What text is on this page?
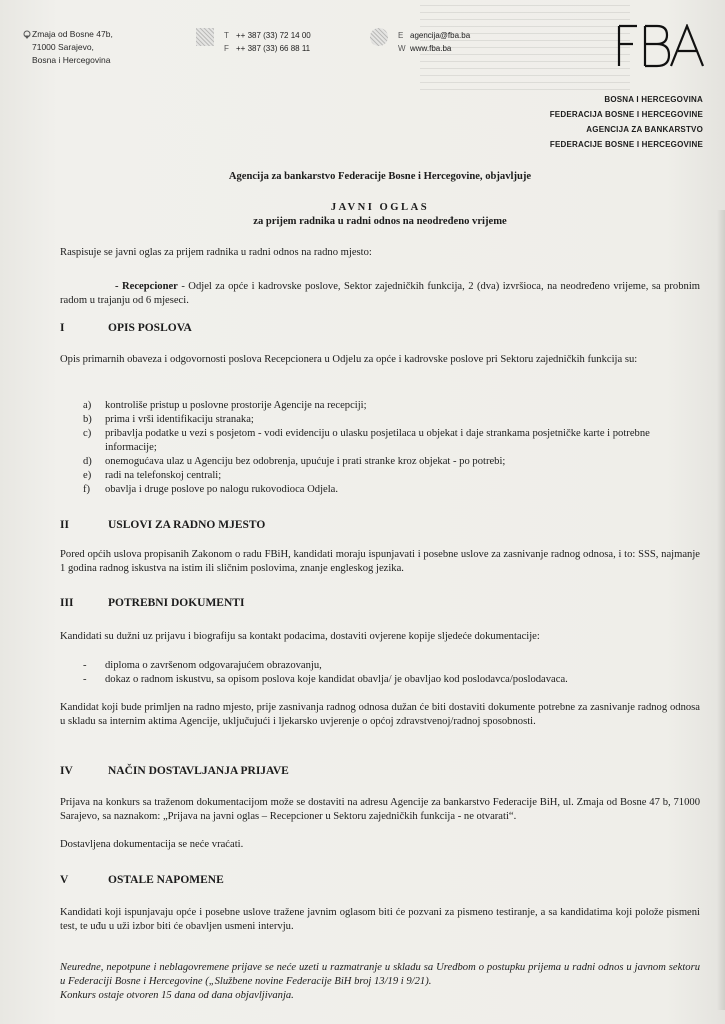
Zmaja od Bosne 47b,
71000 Sarajevo,
Bosna i Hercegovina
T ++ 387 (33) 72 14 00
F ++ 387 (33) 66 88 11
E agencija@fba.ba
W www.fba.ba
BOSNA I HERCEGOVINA
FEDERACIJA BOSNE I HERCEGOVINE
AGENCIJA ZA BANKARSTVO
FEDERACIJE BOSNE I HERCEGOVINE
Agencija za bankarstvo Federacije Bosne i Hercegovine, objavljuje
JAVNI OGLAS
za prijem radnika u radni odnos na neodređeno vrijeme
Raspisuje se javni oglas za prijem radnika u radni odnos na radno mjesto:
- Recepcioner - Odjel za opće i kadrovske poslove, Sektor zajedničkih funkcija, 2 (dva) izvršioca, na neodređeno vrijeme, sa probnim radom u trajanju od 6 mjeseci.
I	OPIS POSLOVA
Opis primarnih obaveza i odgovornosti poslova Recepcionera u Odjelu za opće i kadrovske poslove pri Sektoru zajedničkih funkcija su:
a) kontroliše pristup u poslovne prostorije Agencije na recepciji;
b) prima i vrši identifikaciju stranaka;
c) pribavlja podatke u vezi s posjetom - vodi evidenciju o ulasku posjetilaca u objekat i daje strankama posjetničke karte i potrebne informacije;
d) onemogućava ulaz u Agenciju bez odobrenja, upućuje i prati stranke kroz objekat - po potrebi;
e) radi na telefonskoj centrali;
f) obavlja i druge poslove po nalogu rukovodioca Odjela.
II	USLOVI ZA RADNO MJESTO
Pored općih uslova propisanih Zakonom o radu FBiH, kandidati moraju ispunjavati i posebne uslove za zasnivanje radnog odnosa, i to: SSS, najmanje 1 godina radnog iskustva na istim ili sličnim poslovima, znanje engleskog jezika.
III	POTREBNI DOKUMENTI
Kandidati su dužni uz prijavu i biografiju sa kontakt podacima, dostaviti ovjerene kopije sljedeće dokumentacije:
- diploma o završenom odgovarajućem obrazovanju,
- dokaz o radnom iskustvu, sa opisom poslova koje kandidat obavlja/ je obavljao kod poslodavca/poslodavaca.
Kandidat koji bude primljen na radno mjesto, prije zasnivanja radnog odnosa dužan će biti dostaviti dokumente potrebne za zasnivanje radnog odnosa u skladu sa internim aktima Agencije, uključujući i ljekarsko uvjerenje o općoj zdravstvenoj/radnoj sposobnosti.
IV	NAČIN DOSTAVLJANJA PRIJAVE
Prijava na konkurs sa traženom dokumentacijom može se dostaviti na adresu Agencije za bankarstvo Federacije BiH, ul. Zmaja od Bosne 47 b, 71000 Sarajevo, sa naznakom: „Prijava na javni oglas – Recepcioner u Sektoru zajedničkih funkcija - ne otvarati“.
Dostavljena dokumentacija se neće vraćati.
V	OSTALE NAPOMENE
Kandidati koji ispunjavaju opće i posebne uslove tražene javnim oglasom biti će pozvani za pismeno testiranje, a sa kandidatima koji polože pismeni test, te uđu u uži izbor biti će obavljen usmeni intervju.
Neuredne, nepotpune i neblagovremene prijave se neće uzeti u razmatranje u skladu sa Uredbom o postupku prijema u radni odnos u javnom sektoru u Federaciji Bosne i Hercegovine („Službene novine Federacije BiH broj 13/19 i 9/21).
Konkurs ostaje otvoren 15 dana od dana objavljivanja.
